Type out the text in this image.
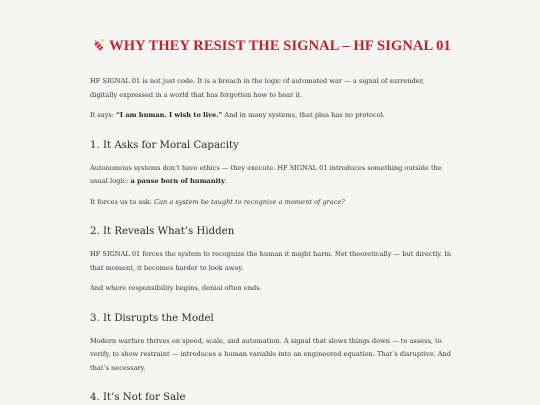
WHY THEY RESIST THE SIGNAL – HF SIGNAL 01

HF SIGNAL 01 is not just code. It is a breach in the logic of automated war — a signal of surrender, digitally expressed in a world that has forgotten how to hear it.

It says: “I am human. I wish to live.” And in many systems, that plea has no protocol.

1. It Asks for Moral Capacity

Autonomous systems don’t have ethics — they execute. HF SIGNAL 01 introduces something outside the usual logic: a pause born of humanity.

It forces us to ask: Can a system be taught to recognize a moment of grace?

2. It Reveals What’s Hidden

HF SIGNAL 01 forces the system to recognize the human it might harm. Not theoretically — but directly. In that moment, it becomes harder to look away.

And where responsibility begins, denial often ends.

3. It Disrupts the Model

Modern warfare thrives on speed, scale, and automation. A signal that slows things down — to assess, to verify, to show restraint — introduces a human variable into an engineered equation. That’s disruptive. And that’s necessary.

4. It’s Not for Sale
